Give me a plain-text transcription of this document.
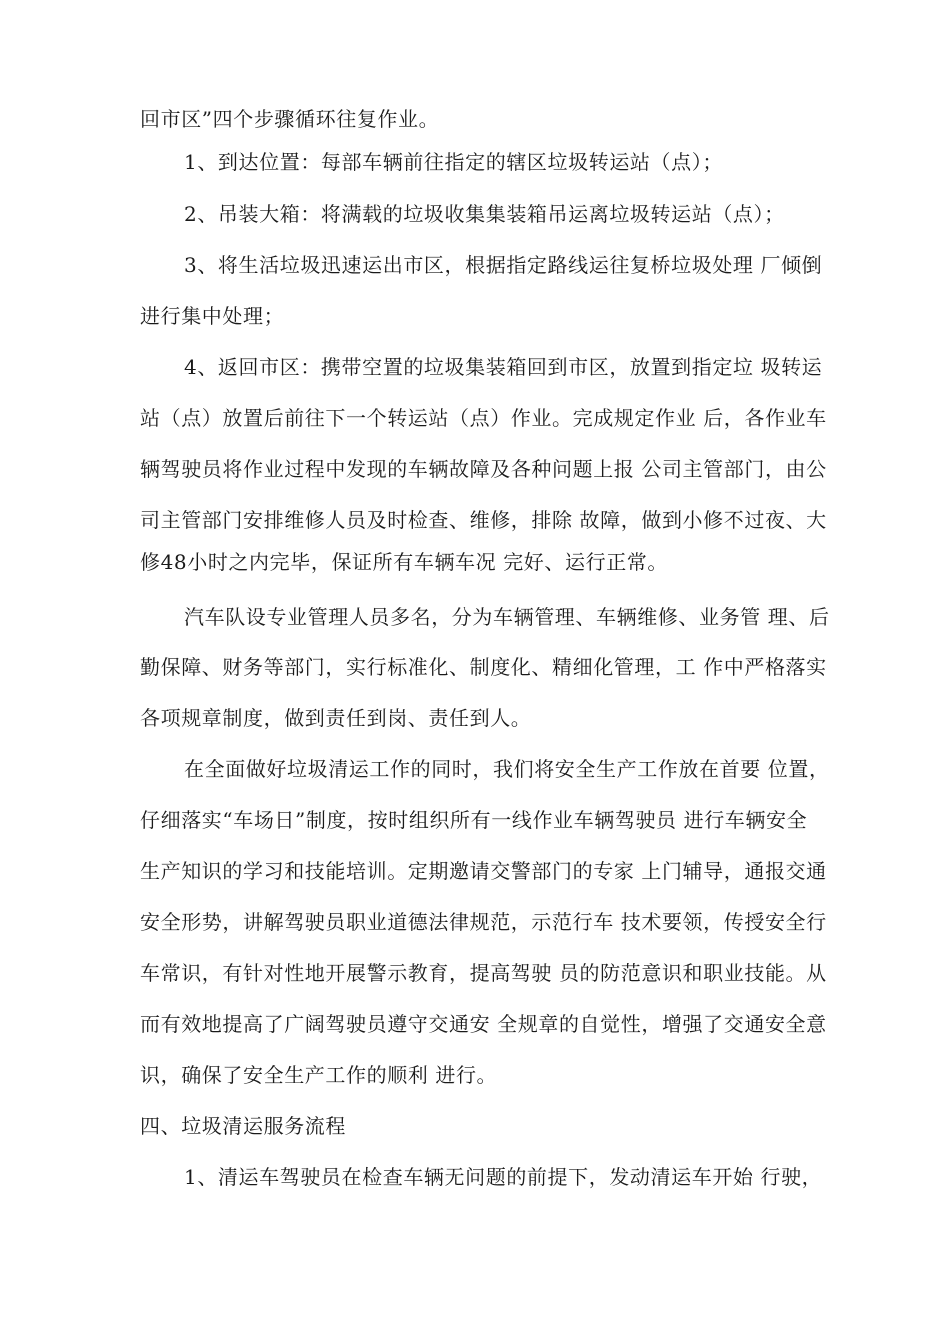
回市区”四个步骤循环往复作业。
1、到达位置：每部车辆前往指定的辖区垃圾转运站（点）；
2、吊装大箱：将满载的垃圾收集集装箱吊运离垃圾转运站（点）；
3、将生活垃圾迅速运出市区，根据指定路线运往复桥垃圾处理 厂倾倒
进行集中处理；
4、返回市区：携带空置的垃圾集装箱回到市区，放置到指定垃 圾转运
站（点）放置后前往下一个转运站（点）作业。完成规定作业 后，各作业车
辆驾驶员将作业过程中发现的车辆故障及各种问题上报 公司主管部门，由公
司主管部门安排维修人员及时检查、维修，排除 故障，做到小修不过夜、大
修48小时之内完毕，保证所有车辆车况 完好、运行正常。
汽车队设专业管理人员多名，分为车辆管理、车辆维修、业务管 理、后
勤保障、财务等部门，实行标准化、制度化、精细化管理，工 作中严格落实
各项规章制度，做到责任到岗、责任到人。
在全面做好垃圾清运工作的同时，我们将安全生产工作放在首要 位置，
仔细落实“车场日”制度，按时组织所有一线作业车辆驾驶员 进行车辆安全
生产知识的学习和技能培训。定期邀请交警部门的专家 上门辅导，通报交通
安全形势，讲解驾驶员职业道德法律规范，示范行车 技术要领，传授安全行
车常识，有针对性地开展警示教育，提高驾驶 员的防范意识和职业技能。从
而有效地提高了广阔驾驶员遵守交通安 全规章的自觉性，增强了交通安全意
识，确保了安全生产工作的顺利 进行。
四、垃圾清运服务流程
1、清运车驾驶员在检查车辆无问题的前提下，发动清运车开始 行驶，
